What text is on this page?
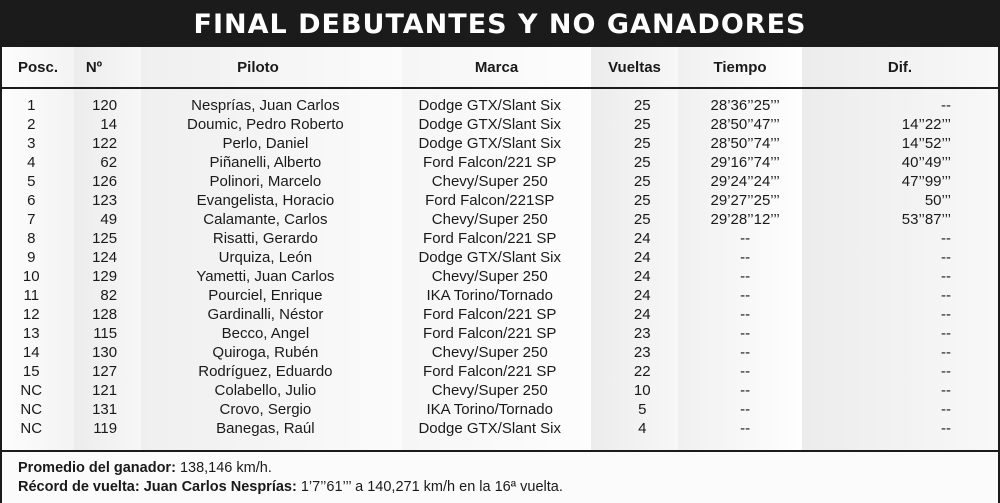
FINAL DEBUTANTES Y NO GANADORES
Posc.	Nº	Piloto	Marca	Vueltas	Tiempo	Dif.
1	120	Nesprías, Juan Carlos	Dodge GTX/Slant Six	25	28’36’’25’’’	--
2	14	Doumic, Pedro Roberto	Dodge GTX/Slant Six	25	28’50’’47’’’	14’’22’’’
3	122	Perlo, Daniel	Dodge GTX/Slant Six	25	28’50’’74’’’	14’’52’’’
4	62	Piñanelli, Alberto	Ford Falcon/221 SP	25	29’16’’74’’’	40’’49’’’
5	126	Polinori, Marcelo	Chevy/Super 250	25	29’24’’24’’’	47’’99’’’
6	123	Evangelista, Horacio	Ford Falcon/221SP	25	29’27’’25’’’	50’’’
7	49	Calamante, Carlos	Chevy/Super 250	25	29’28’’12’’’	53’’87’’’
8	125	Risatti, Gerardo	Ford Falcon/221 SP	24	--	--
9	124	Urquiza, León	Dodge GTX/Slant Six	24	--	--
10	129	Yametti, Juan Carlos	Chevy/Super 250	24	--	--
11	82	Pourciel, Enrique	IKA Torino/Tornado	24	--	--
12	128	Gardinalli, Néstor	Ford Falcon/221 SP	24	--	--
13	115	Becco, Angel	Ford Falcon/221 SP	23	--	--
14	130	Quiroga, Rubén	Chevy/Super 250	23	--	--
15	127	Rodríguez, Eduardo	Ford Falcon/221 SP	22	--	--
NC	121	Colabello, Julio	Chevy/Super 250	10	--	--
NC	131	Crovo, Sergio	IKA Torino/Tornado	5	--	--
NC	119	Banegas, Raúl	Dodge GTX/Slant Six	4	--	--

Promedio del ganador: 138,146 km/h.

Récord de vuelta: Juan Carlos Nesprías: 1’7’’61’’’ a 140,271 km/h en la 16ª vuelta.
